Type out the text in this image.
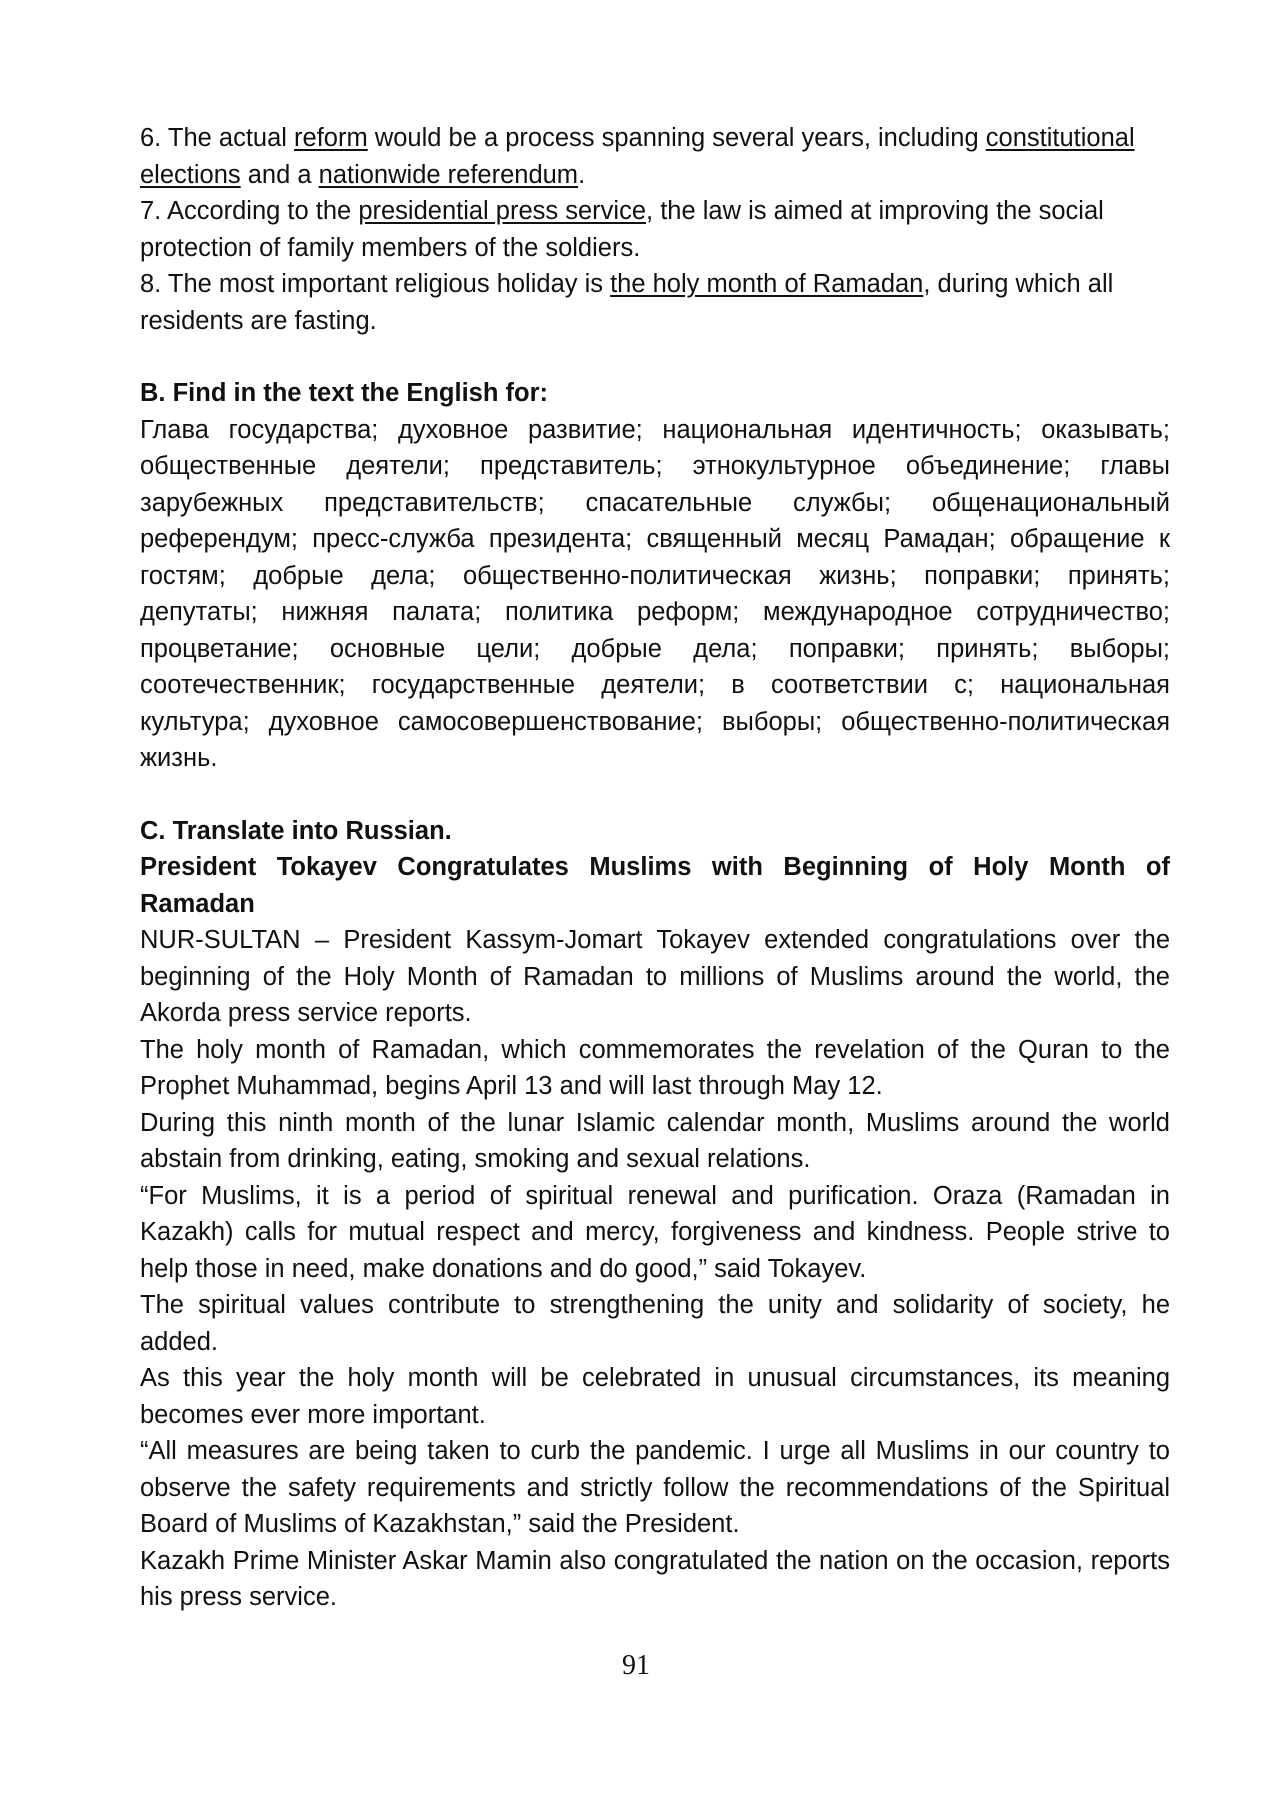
6. The actual reform would be a process spanning several years, including constitutional elections and a nationwide referendum.

7. According to the presidential press service, the law is aimed at improving the social protection of family members of the soldiers.

8. The most important religious holiday is the holy month of Ramadan, during which all residents are fasting.

B. Find in the text the English for:

Глава государства; духовное развитие; национальная идентичность; оказывать; общественные деятели; представитель; этнокультурное объединение; главы зарубежных представительств; спасательные службы; общенациональный референдум; пресс-служба президента; священный месяц Рамадан; обращение к гостям; добрые дела; общественно-политическая жизнь; поправки; принять; депутаты; нижняя палата; политика реформ; международное сотрудничество; процветание; основные цели; добрые дела; поправки; принять; выборы; соотечественник; государственные деятели; в соответствии с; национальная культура; духовное самосовершенствование; выборы; общественно-политическая жизнь.

C. Translate into Russian.

President Tokayev Congratulates Muslims with Beginning of Holy Month of Ramadan

NUR-SULTAN – President Kassym-Jomart Tokayev extended congratulations over the beginning of the Holy Month of Ramadan to millions of Muslims around the world, the Akorda press service reports.

The holy month of Ramadan, which commemorates the revelation of the Quran to the Prophet Muhammad, begins April 13 and will last through May 12.

During this ninth month of the lunar Islamic calendar month, Muslims around the world abstain from drinking, eating, smoking and sexual relations.

“For Muslims, it is a period of spiritual renewal and purification. Oraza (Ramadan in Kazakh) calls for mutual respect and mercy, forgiveness and kindness. People strive to help those in need, make donations and do good,” said Tokayev.

The spiritual values contribute to strengthening the unity and solidarity of society, he added.

As this year the holy month will be celebrated in unusual circumstances, its meaning becomes ever more important.

“All measures are being taken to curb the pandemic. I urge all Muslims in our country to observe the safety requirements and strictly follow the recommendations of the Spiritual Board of Muslims of Kazakhstan,” said the President.

Kazakh Prime Minister Askar Mamin also congratulated the nation on the occasion, reports his press service.

91
